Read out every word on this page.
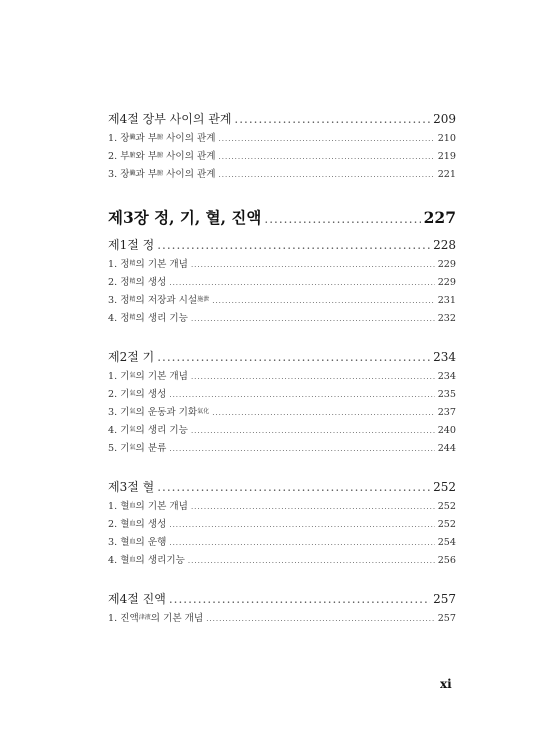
제4절 장부 사이의 관계 .....	209
1. 장$^臟$과 부$^腑$ 사이의 관계 .....	210
2. 부$^腑$와 부$^腑$ 사이의 관계 .....	219
3. 장$^臟$과 부$^腑$ 사이의 관계 .....	221
제3장 정, 기, 혈, 진액 .....	227
제1절 정 .....	228
1. 정$^精$의 기본 개념 .....	229
2. 정$^精$의 생성 .....	229
3. 정$^精$의 저장과 시설$^{施泄}$ .....	231
4. 정$^精$의 생리 기능 .....	232
제2절 기 .....	234
1. 기$^氣$의 기본 개념 .....	234
2. 기$^氣$의 생성 .....	235
3. 기$^氣$의 운동과 기화$^{氣化}$ .....	237
4. 기$^氣$의 생리 기능 .....	240
5. 기$^氣$의 분류 .....	244
제3절 혈 .....	252
1. 혈$^血$의 기본 개념 .....	252
2. 혈$^血$의 생성 .....	252
3. 혈$^血$의 운행 .....	254
4. 혈$^血$의 생리기능 .....	256
제4절 진액 .....	257
1. 진액$^{津液}$의 기본 개념 .....	257
xi
